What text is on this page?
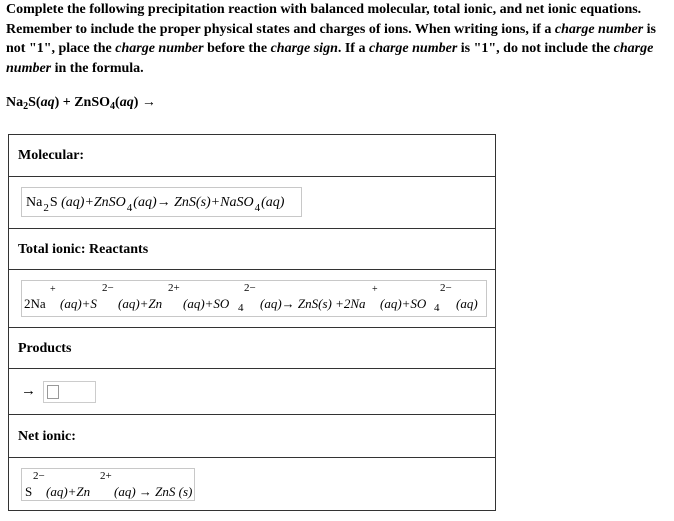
Complete the following precipitation reaction with balanced molecular, total ionic, and net ionic equations. Remember to include the proper physical states and charges of ions. When writing ions, if a charge number is not "1", place the charge number before the charge sign. If a charge number is "1", do not include the charge number in the formula.
$Na_2S(aq)$ + ZnSO$_4$(aq) →
Molecular:
Na 2 S
(aq)+ZnSO 4 (aq)→ ZnS(s)+NaSO 4 (aq)
Total ionic: Reactants
2Na
+
(aq)+S
2−
(aq)+Zn
2+
(aq)+SO
2−
4 (aq)→ ZnS(s) +2Na
+
(aq)+SO
2−
4 (aq)
Products
→
Net ionic:
S
2−
(aq)+Zn
2+
(aq) → ZnS (s)
